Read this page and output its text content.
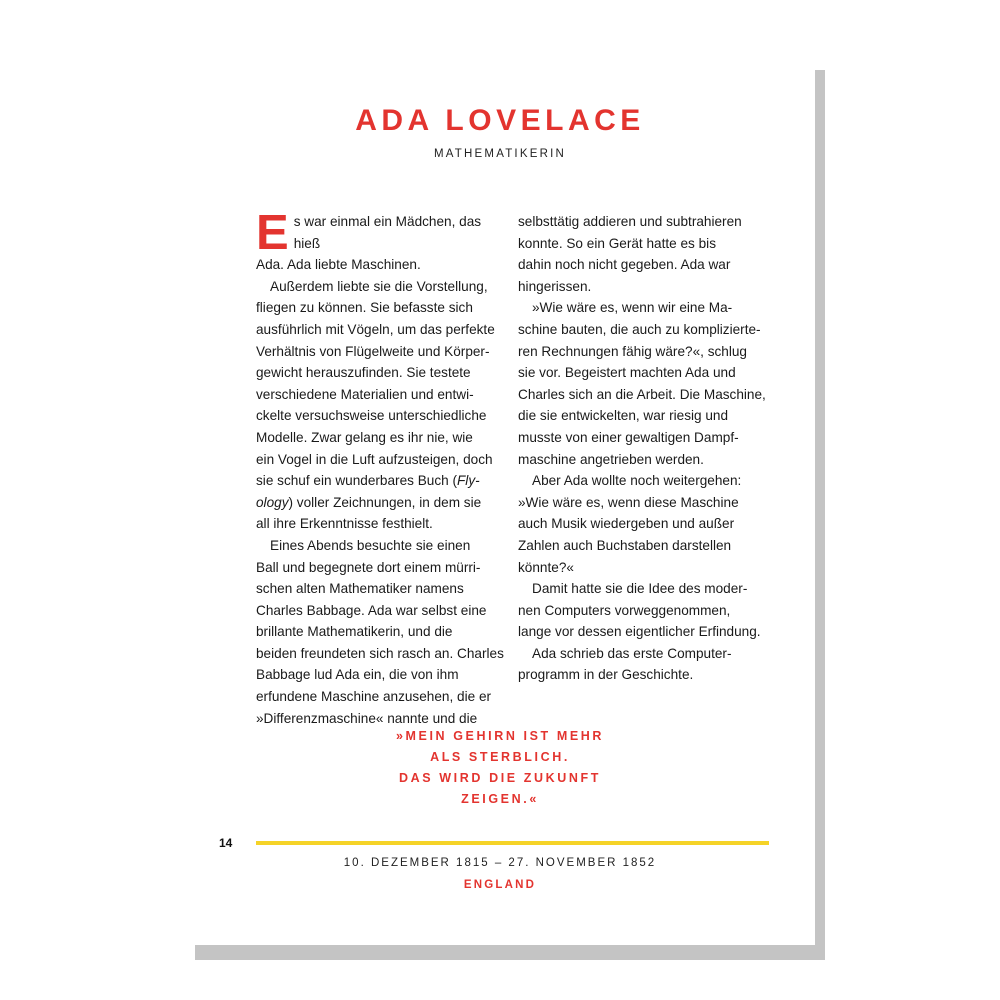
ADA LOVELACE
MATHEMATIKERIN

Es war einmal ein Mädchen, das hieß
Ada. Ada liebte Maschinen.

Außerdem liebte sie die Vorstellung,
fliegen zu können. Sie befasste sich
ausführlich mit Vögeln, um das perfekte
Verhältnis von Flügelweite und Körper-
gewicht herauszufinden. Sie testete
verschiedene Materialien und entwi-
ckelte versuchsweise unterschiedliche
Modelle. Zwar gelang es ihr nie, wie
ein Vogel in die Luft aufzusteigen, doch
sie schuf ein wunderbares Buch (Fly-
ology) voller Zeichnungen, in dem sie
all ihre Erkenntnisse festhielt.

Eines Abends besuchte sie einen
Ball und begegnete dort einem mürri-
schen alten Mathematiker namens
Charles Babbage. Ada war selbst eine
brillante Mathematikerin, und die
beiden freundeten sich rasch an. Charles
Babbage lud Ada ein, die von ihm
erfundene Maschine anzusehen, die er
»Differenzmaschine« nannte und die

selbsttätig addieren und subtrahieren
konnte. So ein Gerät hatte es bis
dahin noch nicht gegeben. Ada war
hingerissen.

»Wie wäre es, wenn wir eine Ma-
schine bauten, die auch zu komplizierte-
ren Rechnungen fähig wäre?«, schlug
sie vor. Begeistert machten Ada und
Charles sich an die Arbeit. Die Maschine,
die sie entwickelten, war riesig und
musste von einer gewaltigen Dampf-
maschine angetrieben werden.

Aber Ada wollte noch weitergehen:

»Wie wäre es, wenn diese Maschine
auch Musik wiedergeben und außer
Zahlen auch Buchstaben darstellen
könnte?«

Damit hatte sie die Idee des moder-
nen Computers vorweggenommen,
lange vor dessen eigentlicher Erfindung.

Ada schrieb das erste Computer-
programm in der Geschichte.

»MEIN GEHIRN IST MEHR
ALS STERBLICH.
DAS WIRD DIE ZUKUNFT
ZEIGEN.«
14
10. DEZEMBER 1815 – 27. NOVEMBER 1852
ENGLAND
